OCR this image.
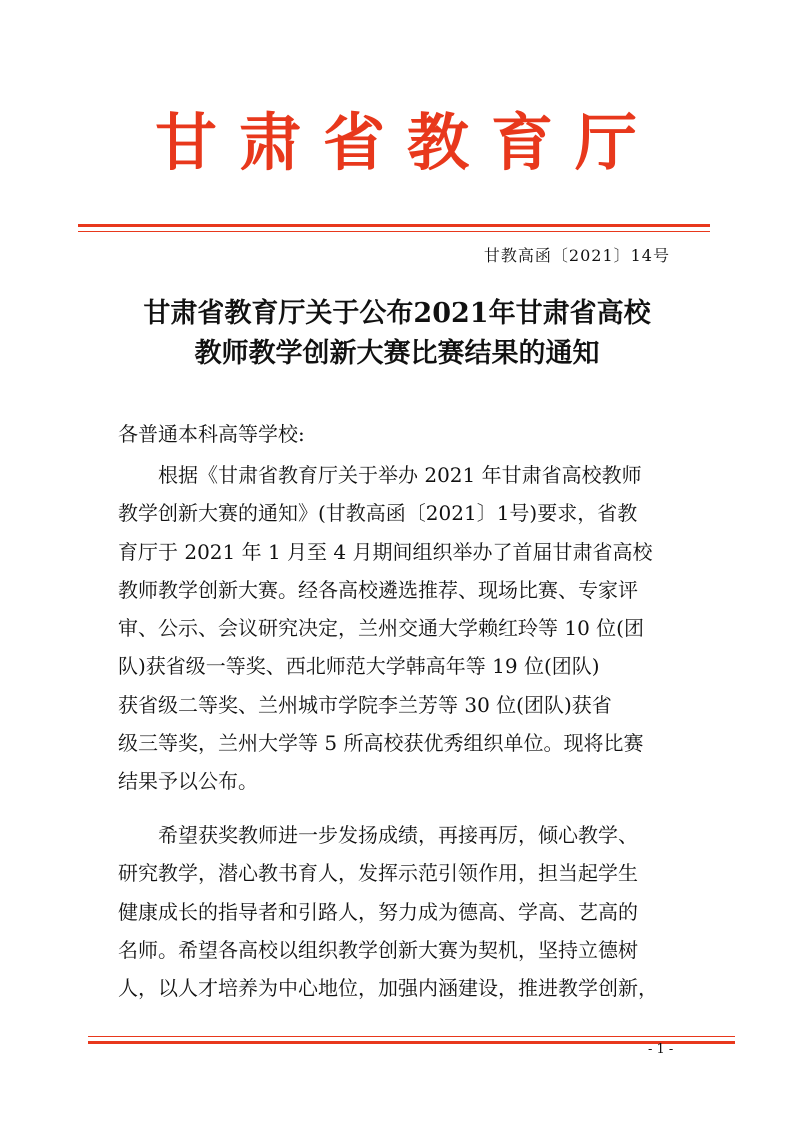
甘肃省教育厅
甘教高函〔2021〕14号
甘肃省教育厅关于公布2021年甘肃省高校
教师教学创新大赛比赛结果的通知
各普通本科高等学校:
根据《甘肃省教育厅关于举办 2021 年甘肃省高校教师
教学创新大赛的通知》(甘教高函〔2021〕1号)要求，省教
育厅于 2021 年 1 月至 4 月期间组织举办了首届甘肃省高校
教师教学创新大赛。经各高校遴选推荐、现场比赛、专家评
审、公示、会议研究决定，兰州交通大学赖红玲等 10 位(团
队)获省级一等奖、西北师范大学韩高年等 19 位(团队)
获省级二等奖、兰州城市学院李兰芳等 30 位(团队)获省
级三等奖，兰州大学等 5 所高校获优秀组织单位。现将比赛
结果予以公布。
希望获奖教师进一步发扬成绩，再接再厉，倾心教学、
研究教学，潜心教书育人，发挥示范引领作用，担当起学生
健康成长的指导者和引路人，努力成为德高、学高、艺高的
名师。希望各高校以组织教学创新大赛为契机，坚持立德树
人，以人才培养为中心地位，加强内涵建设，推进教学创新，
- 1 -
